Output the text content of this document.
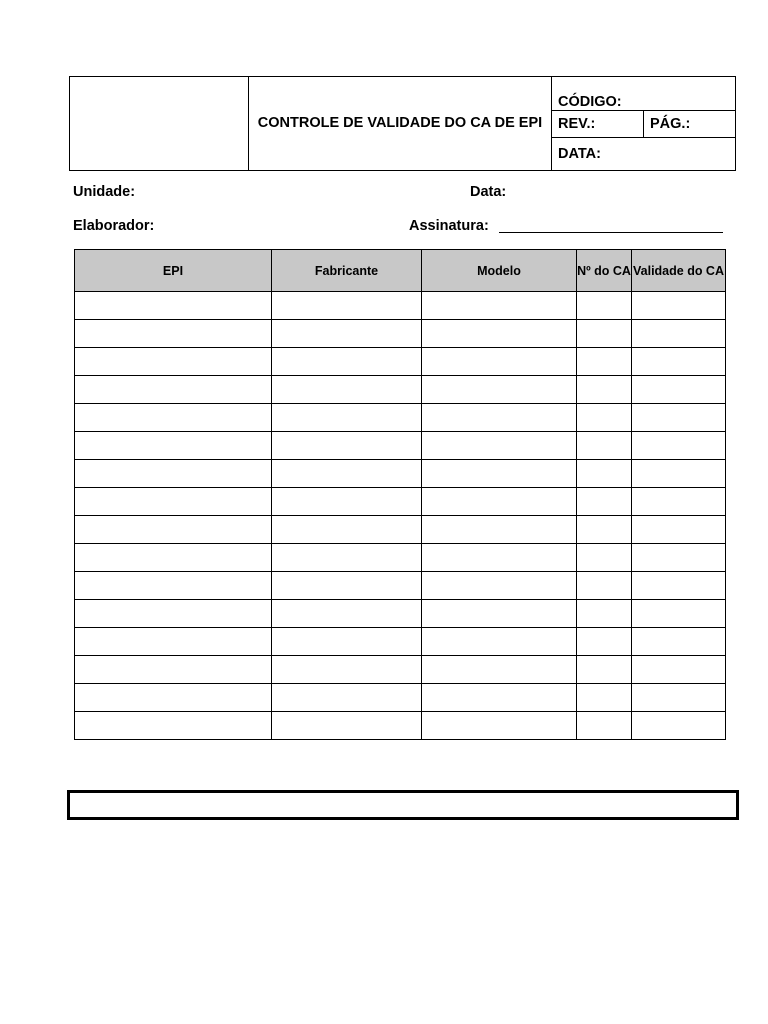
	CONTROLE DE VALIDADE DO CA DE EPI	
CÓDIGO:
REV.:	PÁG.:
DATA:
Unidade:	Data:
Elaborador:	Assinatura:
EPI	Fabricante	Modelo	Nº do CA	Validade do CA
